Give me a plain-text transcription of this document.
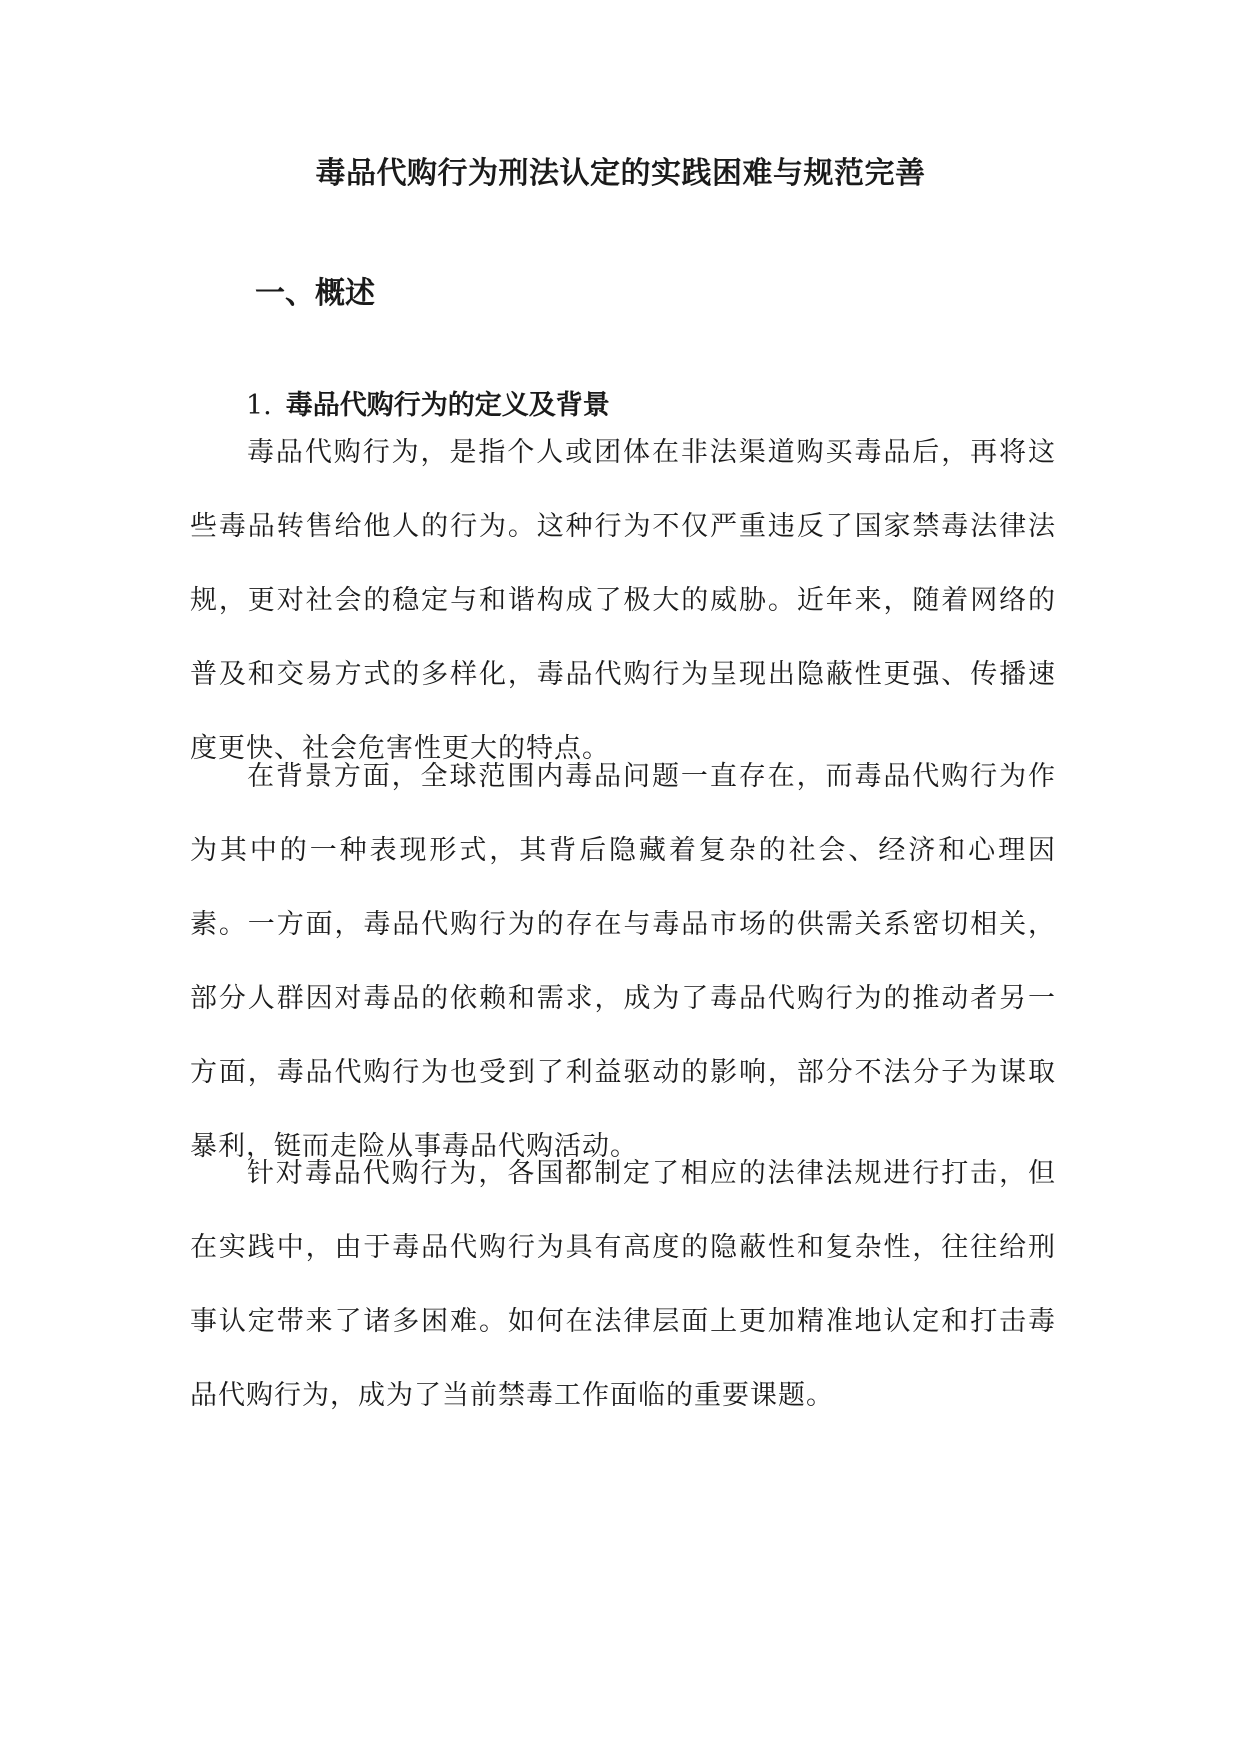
毒品代购行为刑法认定的实践困难与规范完善
一、概述
1. 毒品代购行为的定义及背景

毒品代购行为，是指个人或团体在非法渠道购买毒品后，再将这些毒品转售给他人的行为。这种行为不仅严重违反了国家禁毒法律法规，更对社会的稳定与和谐构成了极大的威胁。近年来，随着网络的普及和交易方式的多样化，毒品代购行为呈现出隐蔽性更强、传播速度更快、社会危害性更大的特点。

在背景方面，全球范围内毒品问题一直存在，而毒品代购行为作为其中的一种表现形式，其背后隐藏着复杂的社会、经济和心理因素。一方面，毒品代购行为的存在与毒品市场的供需关系密切相关，部分人群因对毒品的依赖和需求，成为了毒品代购行为的推动者另一方面，毒品代购行为也受到了利益驱动的影响，部分不法分子为谋取暴利，铤而走险从事毒品代购活动。

针对毒品代购行为，各国都制定了相应的法律法规进行打击，但在实践中，由于毒品代购行为具有高度的隐蔽性和复杂性，往往给刑事认定带来了诸多困难。如何在法律层面上更加精准地认定和打击毒品代购行为，成为了当前禁毒工作面临的重要课题。
